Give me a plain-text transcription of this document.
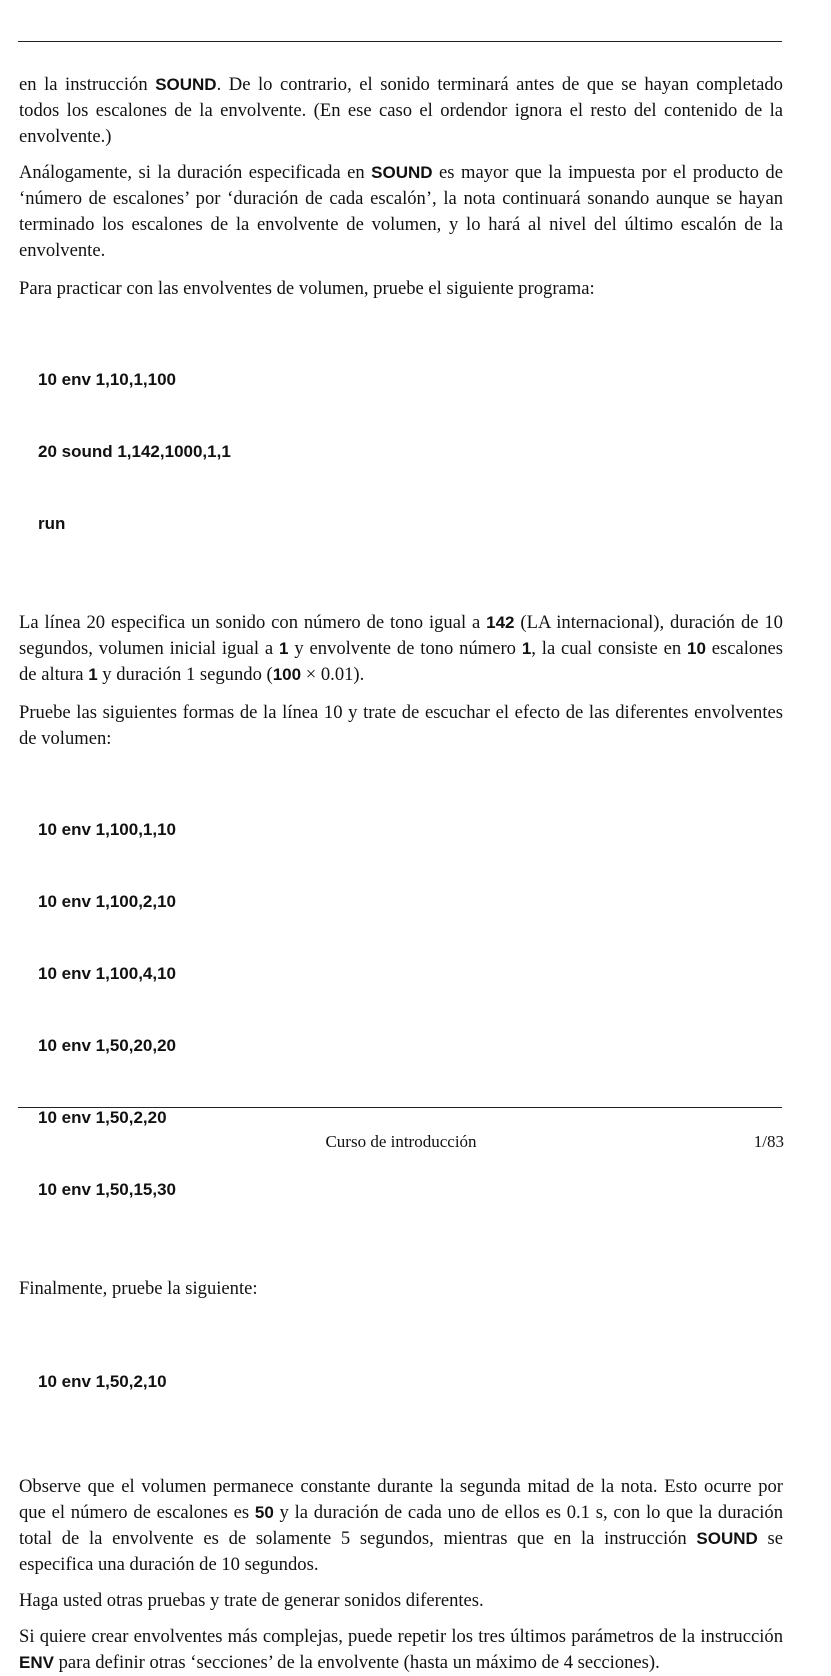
en la instrucción SOUND. De lo contrario, el sonido terminará antes de que se hayan completado todos los escalones de la envolvente. (En ese caso el ordendor ignora el resto del contenido de la envolvente.)

Análogamente, si la duración especificada en SOUND es mayor que la impuesta por el producto de ‘número de escalones’ por ‘duración de cada escalón’, la nota continuará sonando aunque se hayan terminado los escalones de la envolvente de volumen, y lo hará al nivel del último escalón de la envolvente.

Para practicar con las envolventes de volumen, pruebe el siguiente programa:

10 env 1,10,1,100

20 sound 1,142,1000,1,1

run

La línea 20 especifica un sonido con número de tono igual a 142 (LA internacional), duración de 10 segundos, volumen inicial igual a 1 y envolvente de tono número 1, la cual consiste en 10 escalones de altura 1 y duración 1 segundo (100 × 0.01).

Pruebe las siguientes formas de la línea 10 y trate de escuchar el efecto de las diferentes envolventes de volumen:

10 env 1,100,1,10

10 env 1,100,2,10

10 env 1,100,4,10

10 env 1,50,20,20

10 env 1,50,2,20

10 env 1,50,15,30

Finalmente, pruebe la siguiente:

10 env 1,50,2,10

Observe que el volumen permanece constante durante la segunda mitad de la nota. Esto ocurre por que el número de escalones es 50 y la duración de cada uno de ellos es 0.1 s, con lo que la duración total de la envolvente es de solamente 5 segundos, mientras que en la instrucción SOUND se especifica una duración de 10 segundos.

Haga usted otras pruebas y trate de generar sonidos diferentes.

Si quiere crear envolventes más complejas, puede repetir los tres últimos parámetros de la instrucción ENV para definir otras ‘secciones’ de la envolvente (hasta un máximo de 4 secciones).

Curso de introducción	1/83
